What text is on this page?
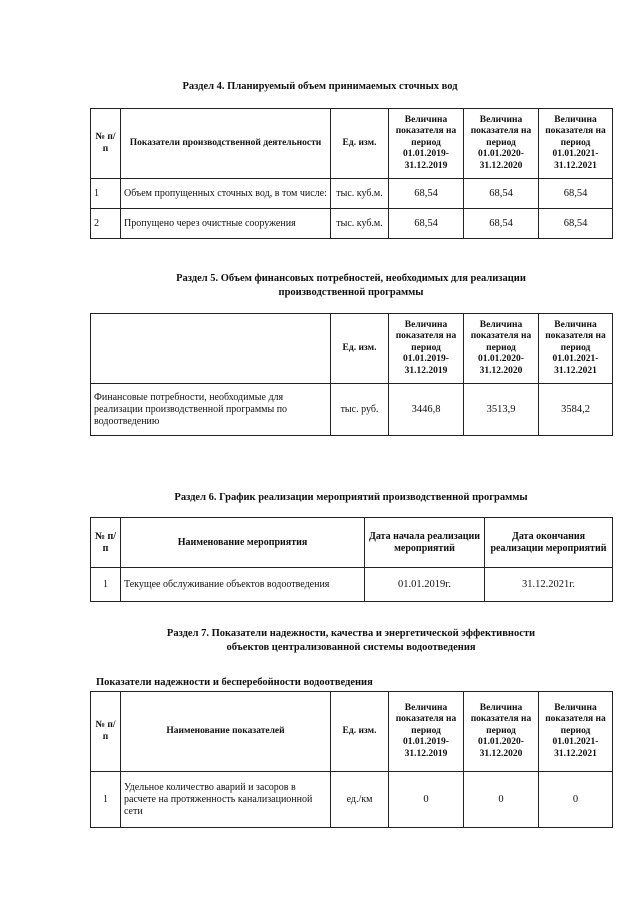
Раздел 4. Планируемый объем принимаемых сточных вод
№ п/п	Показатели производственной деятельности	Ед. изм.	Величина показателя на период 01.01.2019-31.12.2019	Величина показателя на период 01.01.2020-31.12.2020	Величина показателя на период 01.01.2021-31.12.2021
1	Объем пропущенных сточных вод, в том числе:	тыс. куб.м.	68,54	68,54	68,54
2	Пропущено через очистные сооружения	тыс. куб.м.	68,54	68,54	68,54
Раздел 5. Объем финансовых потребностей, необходимых для реализации
производственной программы
	Ед. изм.	Величина показателя на период 01.01.2019-31.12.2019	Величина показателя на период 01.01.2020-31.12.2020	Величина показателя на период 01.01.2021-31.12.2021
Финансовые потребности, необходимые для реализации производственной программы по водоотведению	тыс. руб.	3446,8	3513,9	3584,2
Раздел 6. График реализации мероприятий производственной программы
№ п/п	Наименование мероприятия	Дата начала реализации мероприятий	Дата окончания реализации мероприятий
1	Текущее обслуживание объектов водоотведения	01.01.2019г.	31.12.2021г.
Раздел 7. Показатели надежности, качества и энергетической эффективности
объектов централизованной системы водоотведения
Показатели надежности и бесперебойности водоотведения
№ п/п	Наименование показателей	Ед. изм.	Величина показателя на период 01.01.2019-31.12.2019	Величина показателя на период 01.01.2020-31.12.2020	Величина показателя на период 01.01.2021-31.12.2021
1	Удельное количество аварий и засоров в расчете на протяженность канализационной сети	ед./км	0	0	0
